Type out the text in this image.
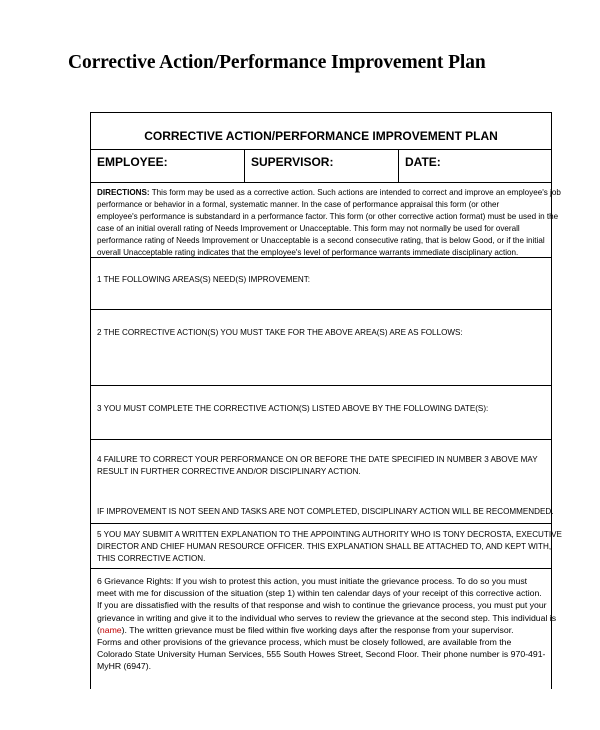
Corrective Action/Performance Improvement Plan
CORRECTIVE ACTION/PERFORMANCE IMPROVEMENT PLAN
EMPLOYEE:	SUPERVISOR:	DATE:
DIRECTIONS: This form may be used as a corrective action. Such actions are intended to correct and improve an employee's job
performance or behavior in a formal, systematic manner. In the case of performance appraisal this form (or other
employee's performance is substandard in a performance factor. This form (or other corrective action format) must be used in the
case of an initial overall rating of Needs Improvement or Unacceptable. This form may not normally be used for overall
performance rating of Needs Improvement or Unacceptable is a second consecutive rating, that is below Good, or if the initial
overall Unacceptable rating indicates that the employee's level of performance warrants immediate disciplinary action.
1 THE FOLLOWING AREAS(S) NEED(S) IMPROVEMENT:
2 THE CORRECTIVE ACTION(S) YOU MUST TAKE FOR THE ABOVE AREA(S) ARE AS FOLLOWS:
3 YOU MUST COMPLETE THE CORRECTIVE ACTION(S) LISTED ABOVE BY THE FOLLOWING DATE(S):
4 FAILURE TO CORRECT YOUR PERFORMANCE ON OR BEFORE THE DATE SPECIFIED IN NUMBER 3 ABOVE MAY
RESULT IN FURTHER CORRECTIVE AND/OR DISCIPLINARY ACTION.
IF IMPROVEMENT IS NOT SEEN AND TASKS ARE NOT COMPLETED, DISCIPLINARY ACTION WILL BE RECOMMENDED.
5 YOU MAY SUBMIT A WRITTEN EXPLANATION TO THE APPOINTING AUTHORITY WHO IS TONY DECROSTA, EXECUTIVE
DIRECTOR AND CHIEF HUMAN RESOURCE OFFICER. THIS EXPLANATION SHALL BE ATTACHED TO, AND KEPT WITH,
THIS CORRECTIVE ACTION.
6 Grievance Rights: If you wish to protest this action, you must initiate the grievance process. To do so you must
meet with me for discussion of the situation (step 1) within ten calendar days of your receipt of this corrective action.
If you are dissatisfied with the results of that response and wish to continue the grievance process, you must put your
grievance in writing and give it to the individual who serves to review the grievance at the second step. This individual is
(name). The written grievance must be filed within five working days after the response from your supervisor.
Forms and other provisions of the grievance process, which must be closely followed, are available from the
Colorado State University Human Services, 555 South Howes Street, Second Floor. Their phone number is 970-491-
MyHR (6947).
